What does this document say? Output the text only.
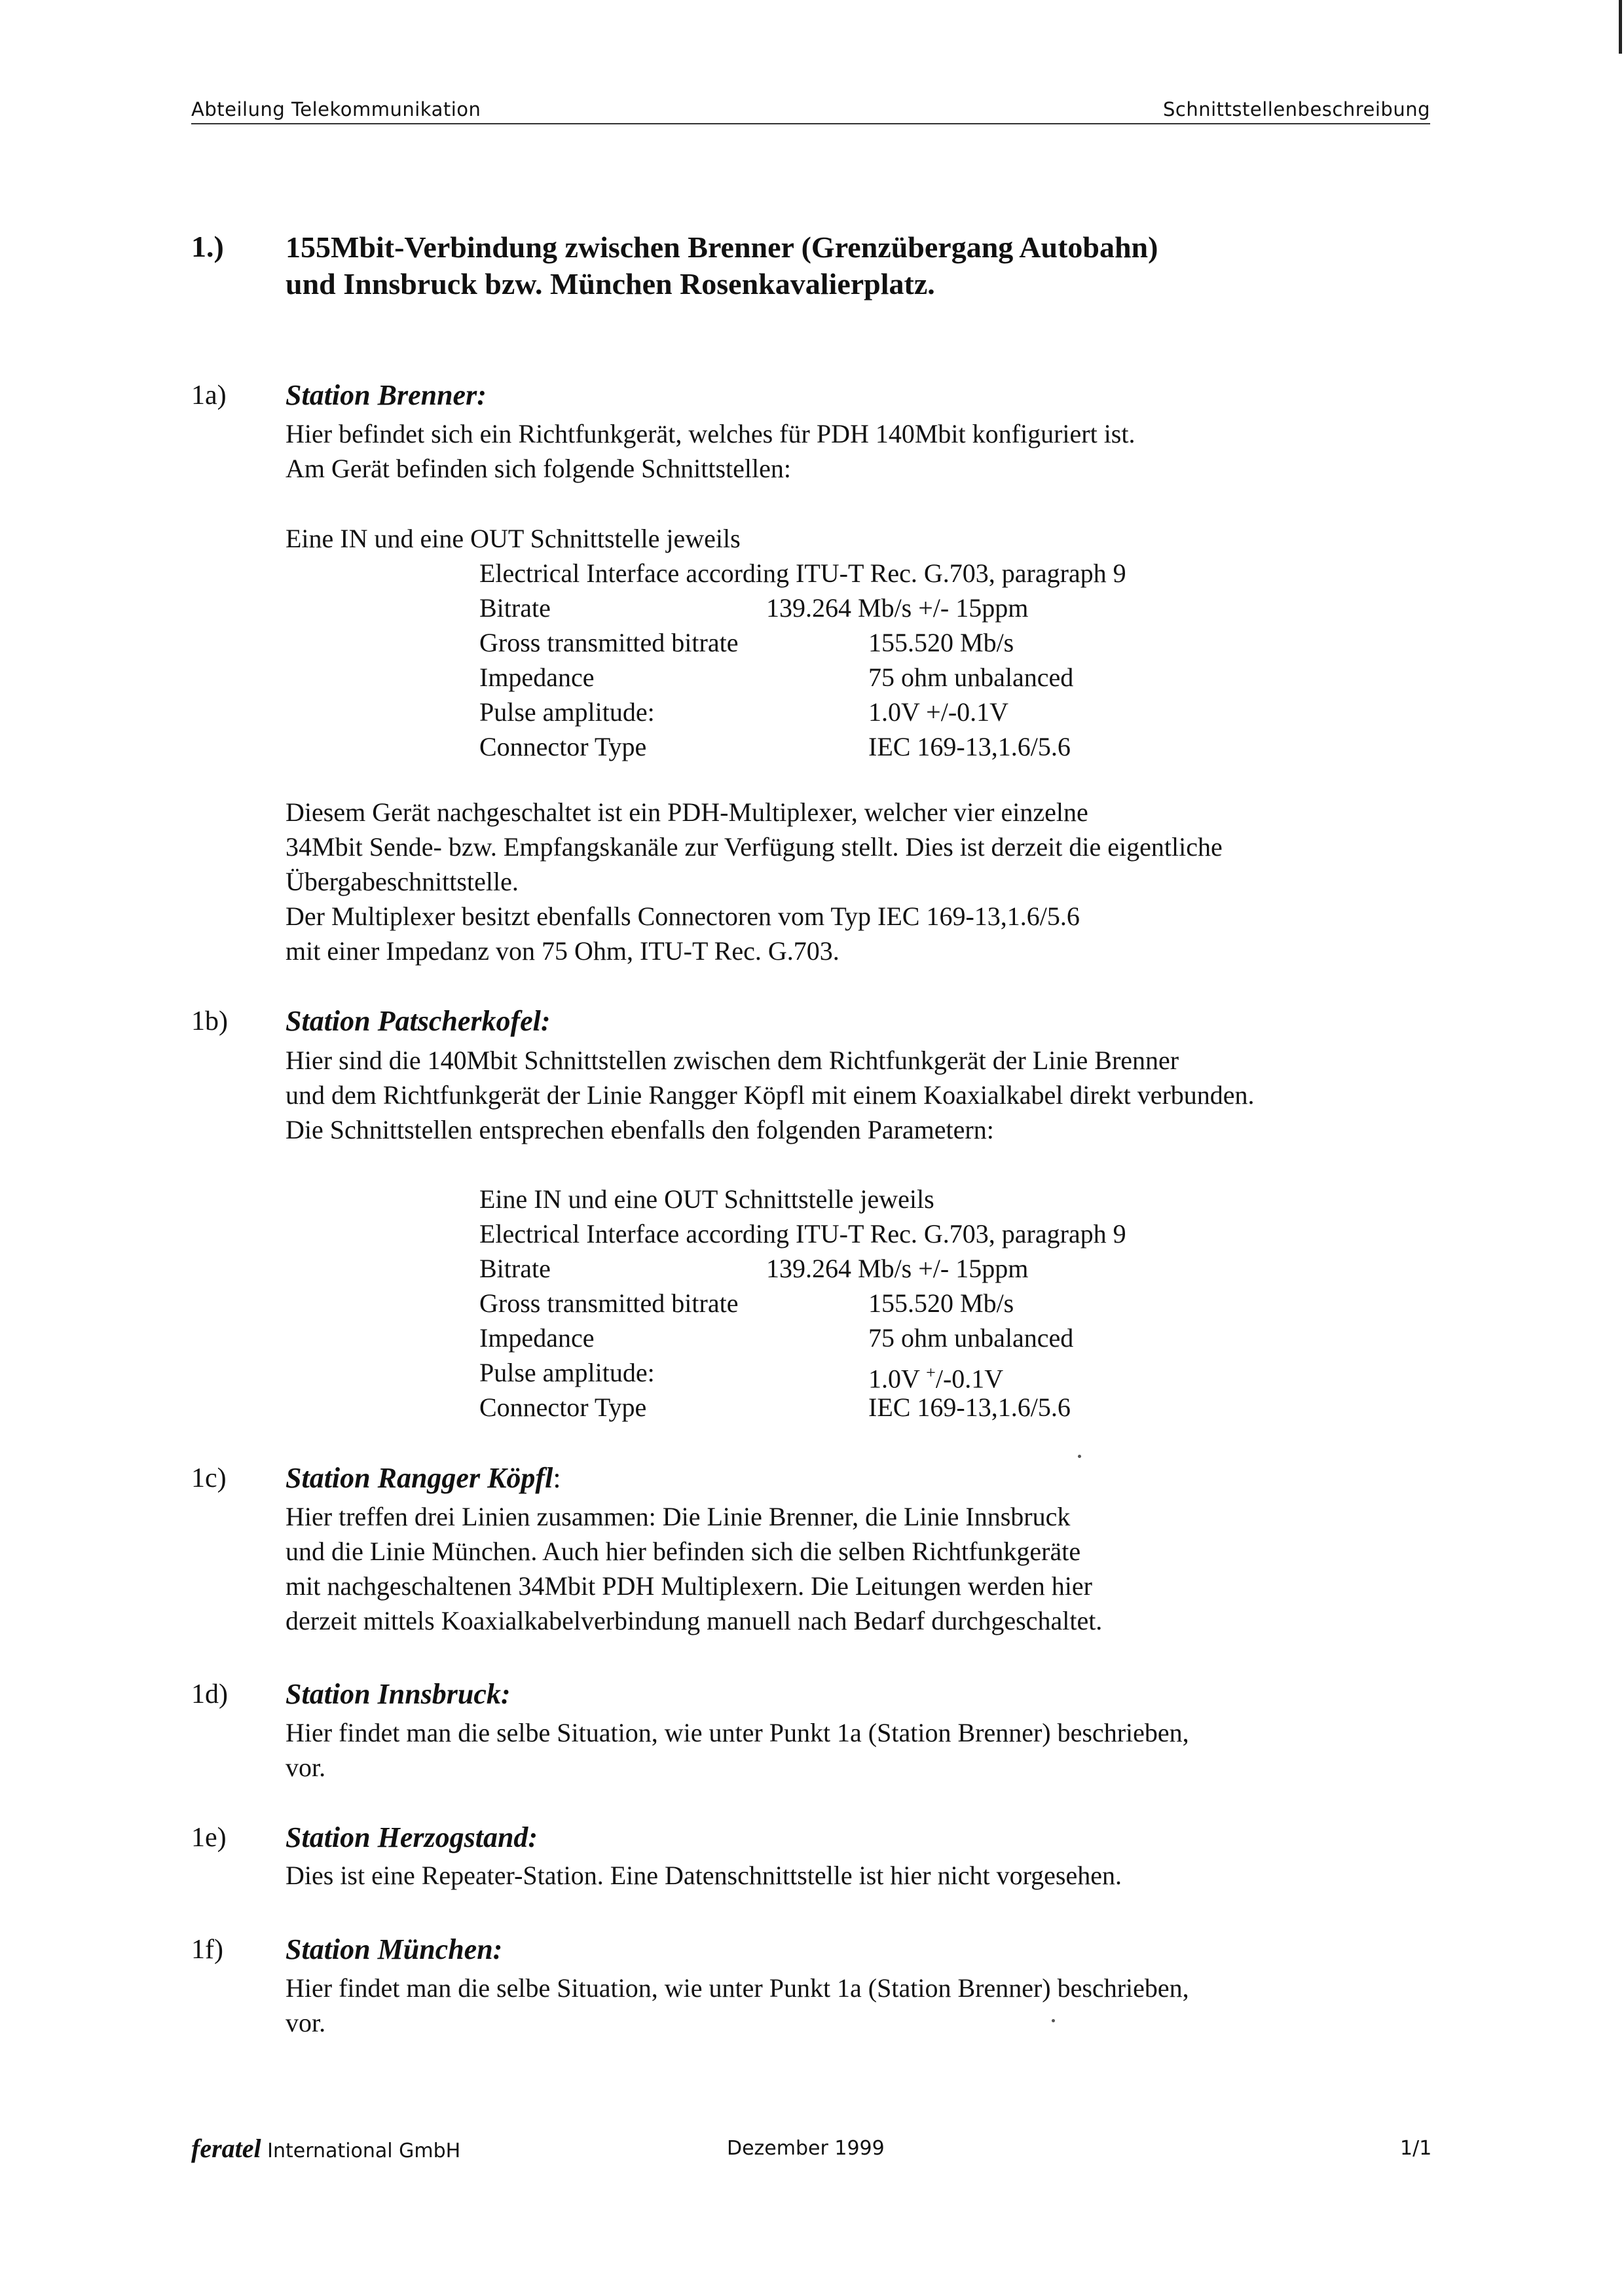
Abteilung Telekommunikation	Schnittstellenbeschreibung
1.) 155Mbit-Verbindung zwischen Brenner (Grenzübergang Autobahn)
und Innsbruck bzw. München Rosenkavalierplatz.
1a) Station Brenner:
Hier befindet sich ein Richtfunkgerät, welches für PDH 140Mbit konfiguriert ist.
Am Gerät befinden sich folgende Schnittstellen:
Eine IN und eine OUT Schnittstelle jeweils
Electrical Interface according ITU-T Rec. G.703, paragraph 9
Bitrate	139.264 Mb/s +/- 15ppm
Gross transmitted bitrate	155.520 Mb/s
Impedance	75 ohm unbalanced
Pulse amplitude:	1.0V +/-0.1V
Connector Type	IEC 169-13,1.6/5.6
Diesem Gerät nachgeschaltet ist ein PDH-Multiplexer, welcher vier einzelne
34Mbit Sende- bzw. Empfangskanäle zur Verfügung stellt. Dies ist derzeit die eigentliche
Übergabeschnittstelle.
Der Multiplexer besitzt ebenfalls Connectoren vom Typ IEC 169-13,1.6/5.6
mit einer Impedanz von 75 Ohm, ITU-T Rec. G.703.
1b) Station Patscherkofel:
Hier sind die 140Mbit Schnittstellen zwischen dem Richtfunkgerät der Linie Brenner
und dem Richtfunkgerät der Linie Rangger Köpfl mit einem Koaxialkabel direkt verbunden.
Die Schnittstellen entsprechen ebenfalls den folgenden Parametern:
Eine IN und eine OUT Schnittstelle jeweils
Electrical Interface according ITU-T Rec. G.703, paragraph 9
Bitrate	139.264 Mb/s +/- 15ppm
Gross transmitted bitrate	155.520 Mb/s
Impedance	75 ohm unbalanced
Pulse amplitude:	1.0V +/-0.1V
Connector Type	IEC 169-13,1.6/5.6
1c) Station Rangger Köpfl:
Hier treffen drei Linien zusammen: Die Linie Brenner, die Linie Innsbruck
und die Linie München. Auch hier befinden sich die selben Richtfunkgeräte
mit nachgeschaltenen 34Mbit PDH Multiplexern. Die Leitungen werden hier
derzeit mittels Koaxialkabelverbindung manuell nach Bedarf durchgeschaltet.
1d) Station Innsbruck:
Hier findet man die selbe Situation, wie unter Punkt 1a (Station Brenner) beschrieben,
vor.
1e) Station Herzogstand:
Dies ist eine Repeater-Station. Eine Datenschnittstelle ist hier nicht vorgesehen.
1f) Station München:
Hier findet man die selbe Situation, wie unter Punkt 1a (Station Brenner) beschrieben,
vor.
feratel International GmbH	Dezember 1999	1/1
